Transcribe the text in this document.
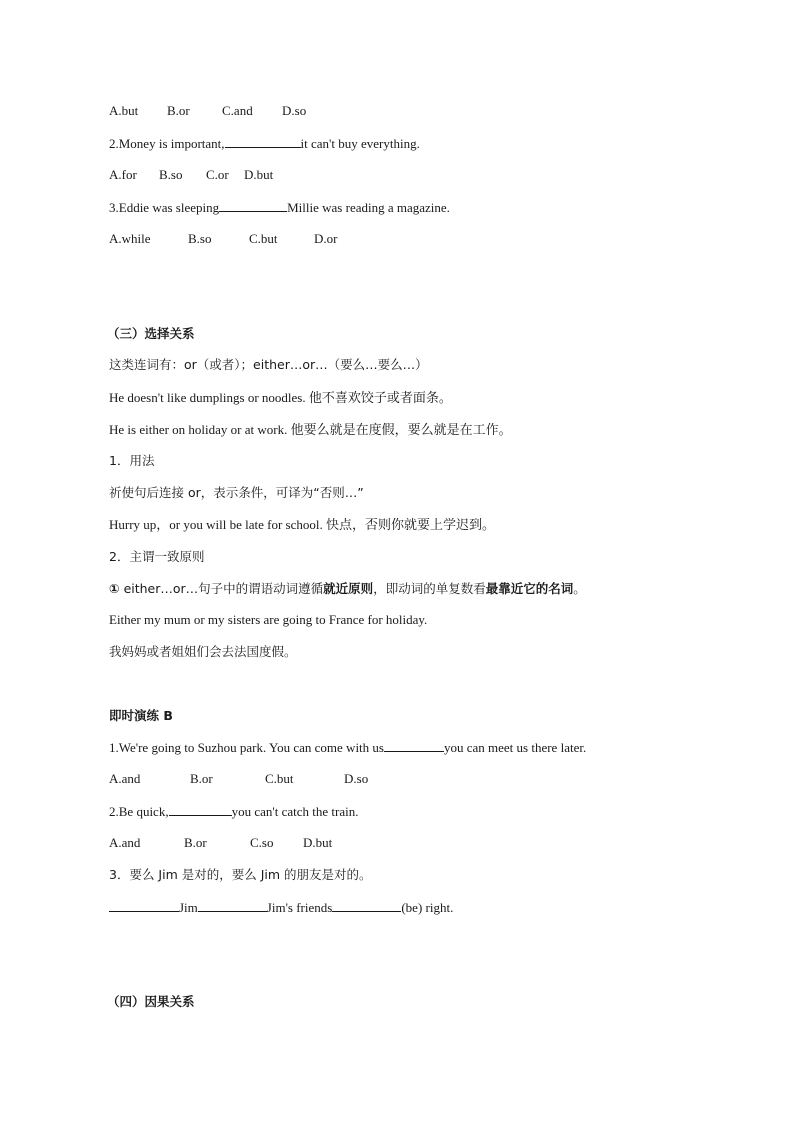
A.but B.or C.and D.so
2.Money is important,	it can't buy everything.
A.for B.so C.or D.but
3.Eddie was sleeping	Millie was reading a magazine.
A.while	B.so	C.but	D.or
（三）选择关系
这类连词有：or（或者）；either…or…（要么…要么…）
He doesn't like dumplings or noodles. 他不喜欢饺子或者面条。
He is either on holiday or at work. 他要么就是在度假，要么就是在工作。
1．用法
祈使句后连接 or，表示条件，可译为“否则…”
Hurry up，or you will be late for school. 快点，否则你就要上学迟到。
2．主谓一致原则
① either…or…句子中的谓语动词遵循就近原则，即动词的单复数看最靠近它的名词。
Either my mum or my sisters are going to France for holiday.
我妈妈或者姐姐们会去法国度假。
即时演练 B
1.We're going to Suzhou park. You can come with us	you can meet us there later.
A.and	B.or	C.but	D.so
2.Be quick,	you can't catch the train.
A.and	B.or	C.so D.but
3．要么 Jim 是对的，要么 Jim 的朋友是对的。
Jim	Jim's friends	(be) right.
（四）因果关系
